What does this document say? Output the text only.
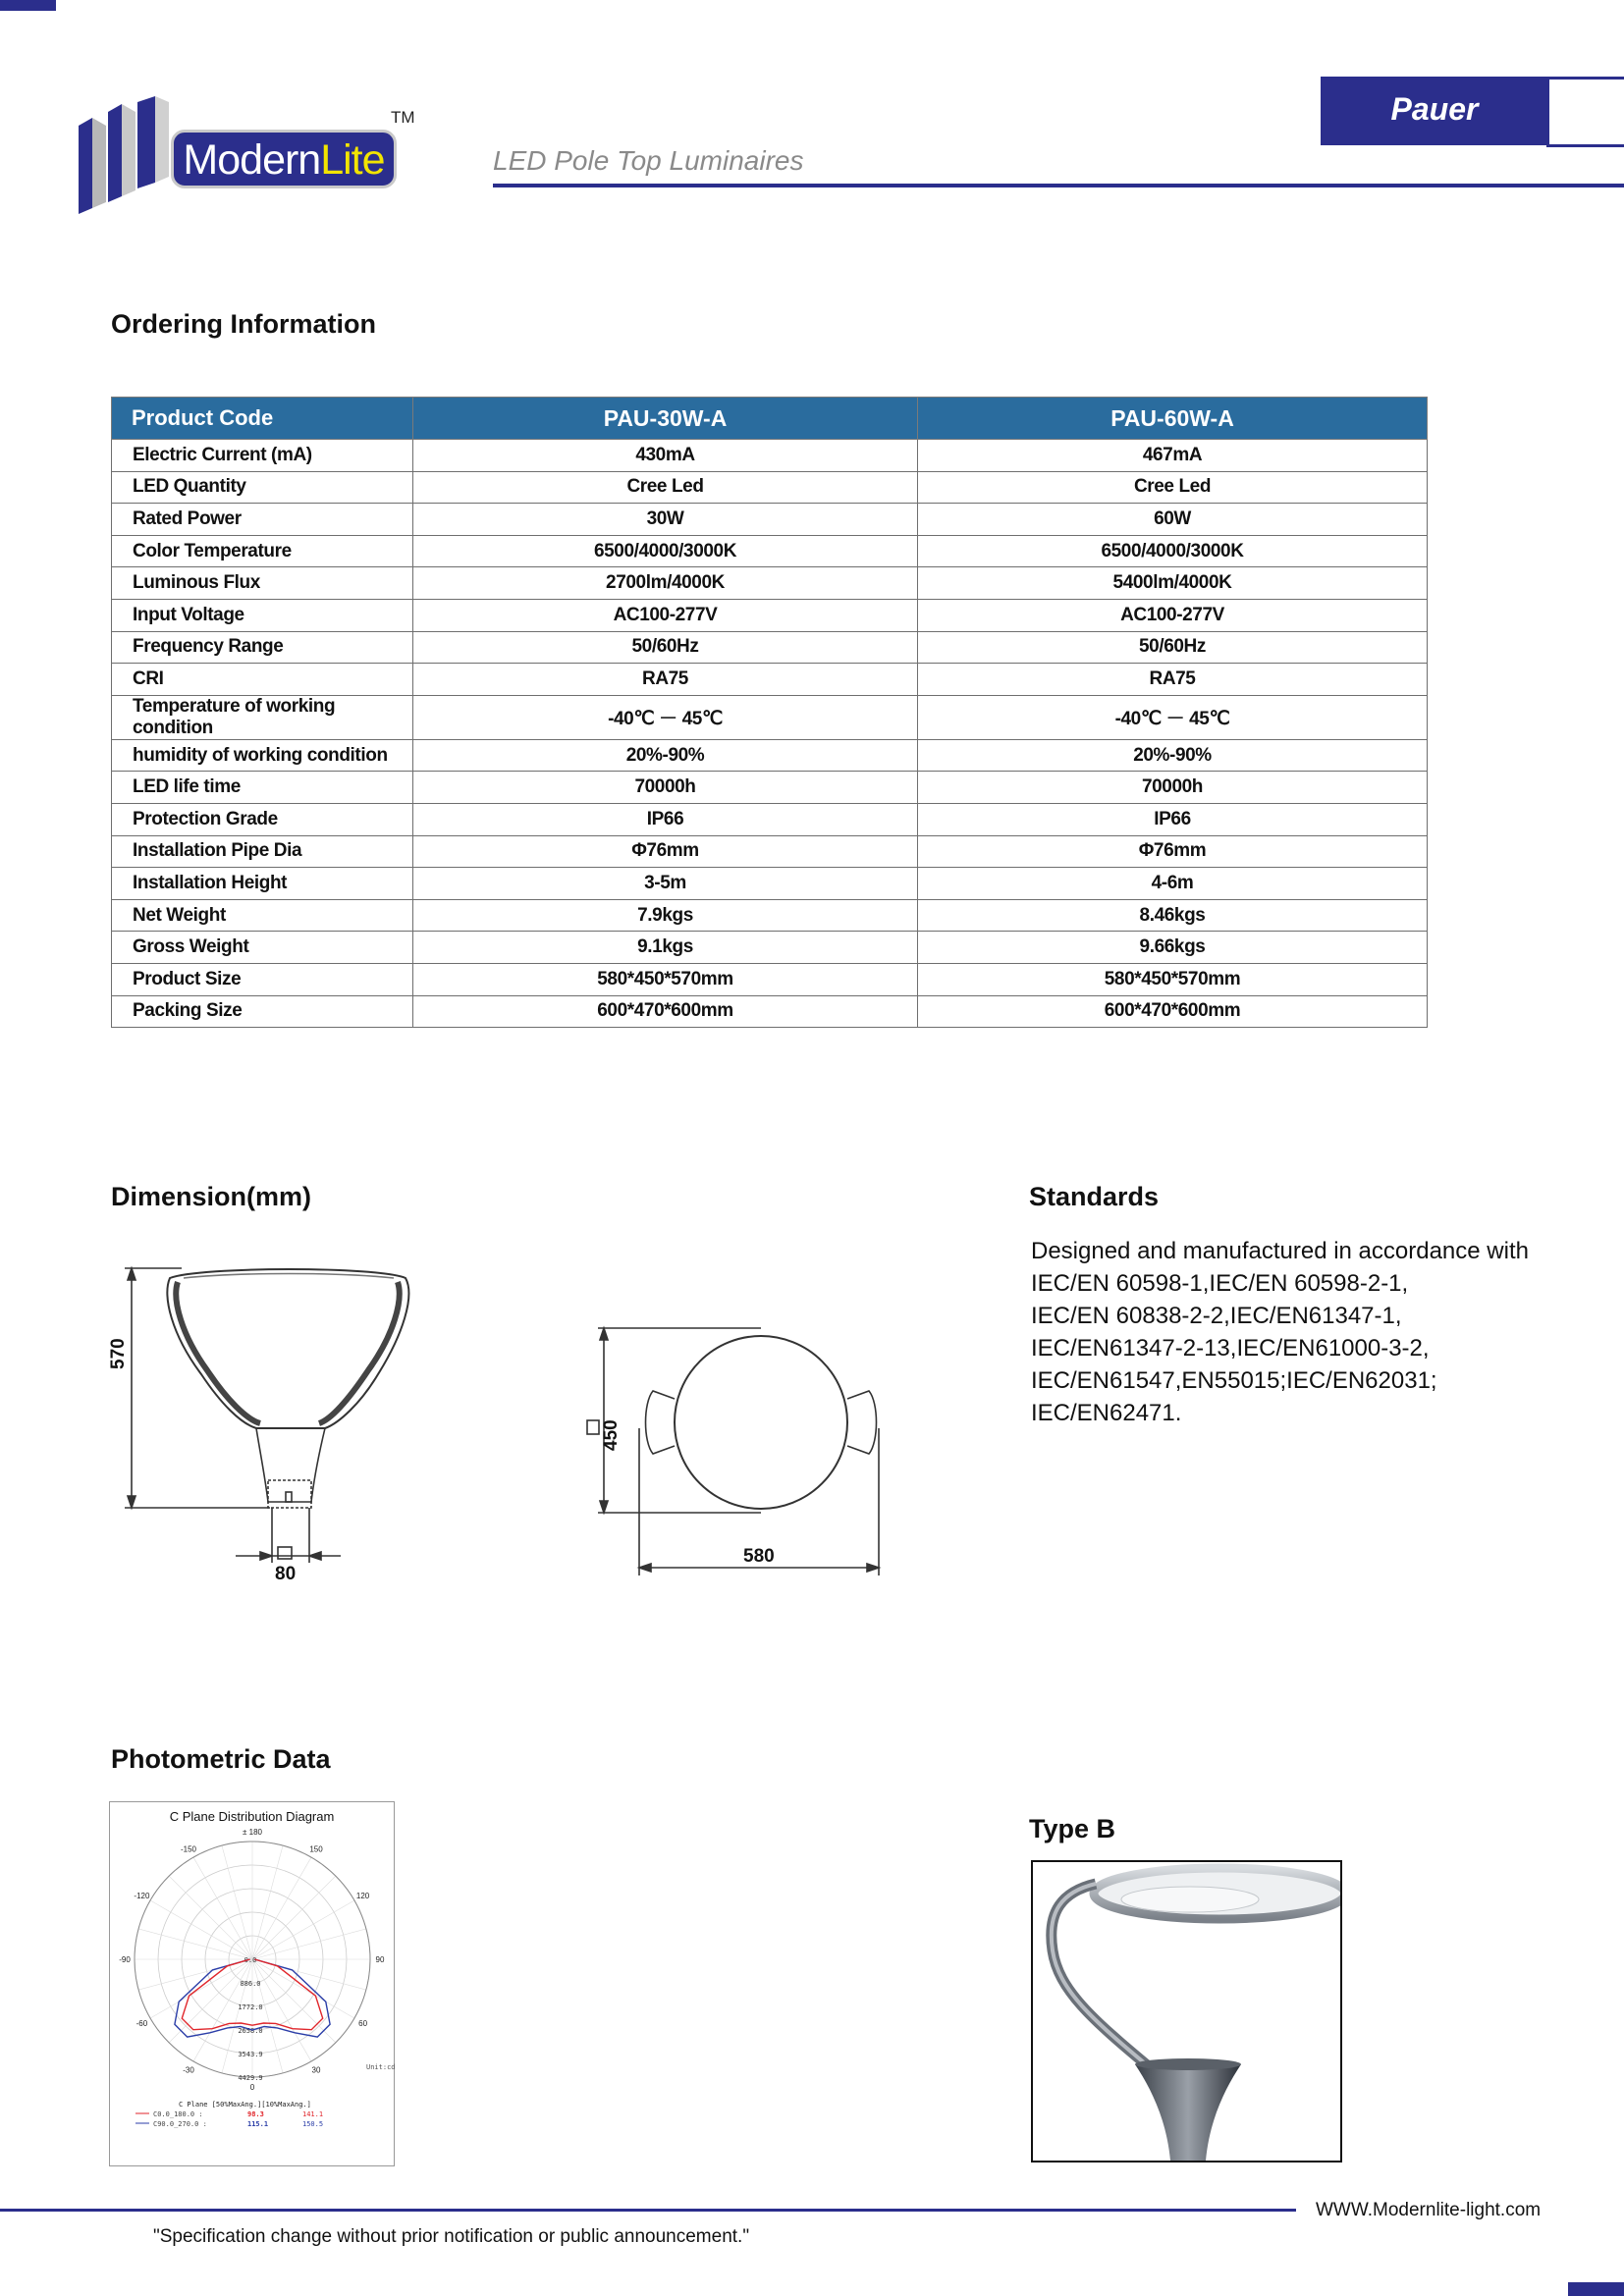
ModernLite
TM
LED Pole Top Luminaires
Pauer
Ordering Information
Product Code	PAU-30W-A	PAU-60W-A
Electric Current (mA)	430mA	467mA
LED Quantity	Cree Led	Cree Led
Rated Power	30W	60W
Color Temperature	6500/4000/3000K	6500/4000/3000K
Luminous Flux	2700lm/4000K	5400lm/4000K
Input Voltage	AC100-277V	AC100-277V
Frequency Range	50/60Hz	50/60Hz
CRI	RA75	RA75
Temperature of working condition	-40℃ － 45℃	-40℃ － 45℃
humidity of working condition	20%-90%	20%-90%
LED life time	70000h	70000h
Protection Grade	IP66	IP66
Installation Pipe Dia	Φ76mm	Φ76mm
Installation Height	3-5m	4-6m
Net Weight	7.9kgs	8.46kgs
Gross Weight	9.1kgs	9.66kgs
Product Size	580*450*570mm	580*450*570mm
Packing Size	600*470*600mm	600*470*600mm
Dimension(mm)
570
80
450
580
Standards
Designed and manufactured in accordance with
IEC/EN 60598-1,IEC/EN 60598-2-1,
IEC/EN 60838-2-2,IEC/EN61347-1,
IEC/EN61347-2-13,IEC/EN61000-3-2,
IEC/EN61547,EN55015;IEC/EN62031;
IEC/EN62471.
Photometric Data
C Plane Distribution Diagram
-150
± 180
150
-120	120
-90	90
-60	60
-30
0
30
0.0
886.0
1772.0
2658.0
3543.9
4429.9
Unit:cd
C Plane [50%MaxAng.][10%MaxAng.]
C0.0_180.0 :	98.3	141.1
C90.0_270.0 :	115.1	150.5
Type B
WWW.Modernlite-light.com
"Specification change without prior notification or public announcement."
